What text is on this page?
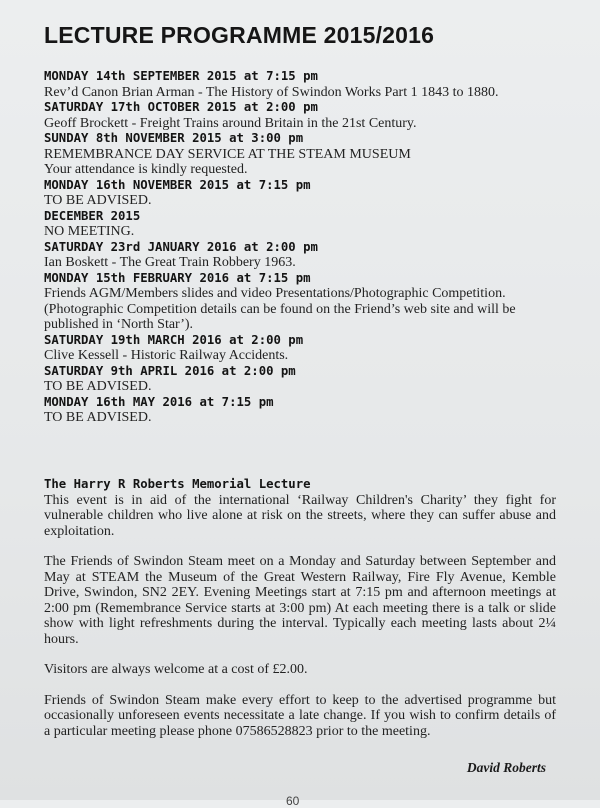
LECTURE PROGRAMME 2015/2016
MONDAY 14th SEPTEMBER 2015 at 7:15 pm
Rev’d Canon Brian Arman - The History of Swindon Works Part 1 1843 to 1880.
SATURDAY 17th OCTOBER 2015 at 2:00 pm
Geoff Brockett - Freight Trains around Britain in the 21st Century.
SUNDAY 8th NOVEMBER 2015 at 3:00 pm
REMEMBRANCE DAY SERVICE AT THE STEAM MUSEUM
Your attendance is kindly requested.
MONDAY 16th NOVEMBER 2015 at 7:15 pm
TO BE ADVISED.
DECEMBER 2015
NO MEETING.
SATURDAY 23rd JANUARY 2016 at 2:00 pm
Ian Boskett - The Great Train Robbery 1963.
MONDAY 15th FEBRUARY 2016 at 7:15 pm
Friends AGM/Members slides and video Presentations/Photographic Competition.
(Photographic Competition details can be found on the Friend’s web site and will be published in ‘North Star’).
SATURDAY 19th MARCH 2016 at 2:00 pm
Clive Kessell - Historic Railway Accidents.
SATURDAY 9th APRIL 2016 at 2:00 pm
TO BE ADVISED.
MONDAY 16th MAY 2016 at 7:15 pm
TO BE ADVISED.
The Harry R Roberts Memorial Lecture

This event is in aid of the international ‘Railway Children's Charity’ they fight for vulnerable children who live alone at risk on the streets, where they can suffer abuse and exploitation.

The Friends of Swindon Steam meet on a Monday and Saturday between September and May at STEAM the Museum of the Great Western Railway, Fire Fly Avenue, Kemble Drive, Swindon, SN2 2EY. Evening Meetings start at 7:15 pm and afternoon meetings at 2:00 pm (Remembrance Service starts at 3:00 pm) At each meeting there is a talk or slide show with light refreshments during the interval. Typically each meeting lasts about 2¼ hours.

Visitors are always welcome at a cost of £2.00.

Friends of Swindon Steam make every effort to keep to the advertised programme but occasionally unforeseen events necessitate a late change. If you wish to confirm details of a particular meeting please phone 07586528823 prior to the meeting.

David Roberts
60
